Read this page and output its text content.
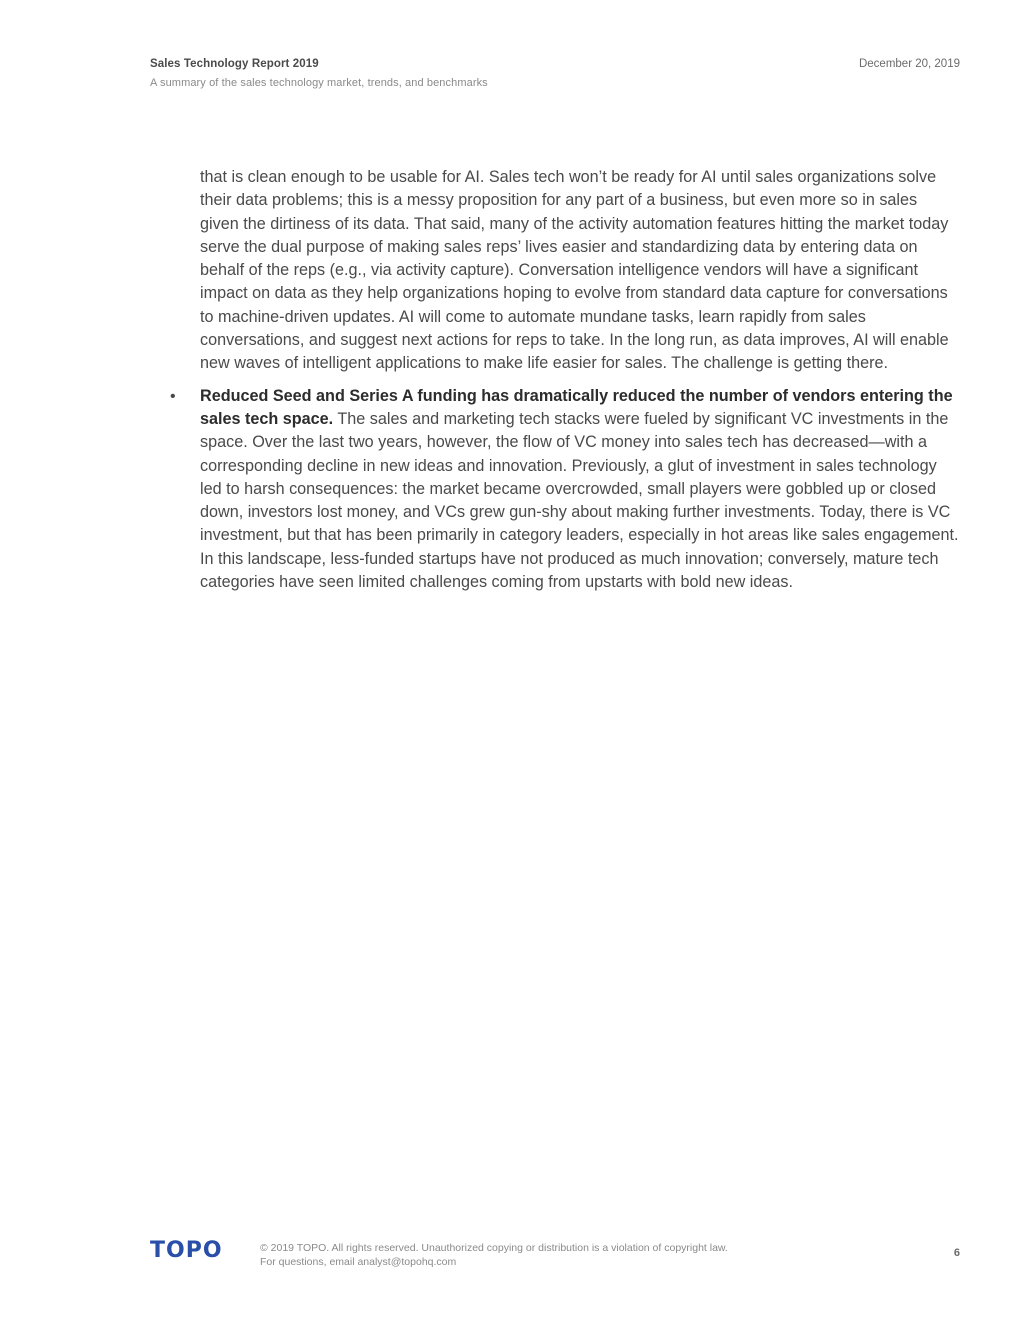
Sales Technology Report 2019	December 20, 2019
A summary of the sales technology market, trends, and benchmarks

that is clean enough to be usable for AI. Sales tech won’t be ready for AI until sales organizations solve their data problems; this is a messy proposition for any part of a business, but even more so in sales given the dirtiness of its data. That said, many of the activity automation features hitting the market today serve the dual purpose of making sales reps’ lives easier and standardizing data by entering data on behalf of the reps (e.g., via activity capture). Conversation intelligence vendors will have a significant impact on data as they help organizations hoping to evolve from standard data capture for conversations to machine-driven updates. AI will come to automate mundane tasks, learn rapidly from sales conversations, and suggest next actions for reps to take. In the long run, as data improves, AI will enable new waves of intelligent applications to make life easier for sales. The challenge is getting there.

• Reduced Seed and Series A funding has dramatically reduced the number of vendors entering the sales tech space. The sales and marketing tech stacks were fueled by significant VC investments in the space. Over the last two years, however, the flow of VC money into sales tech has decreased—with a corresponding decline in new ideas and innovation. Previously, a glut of investment in sales technology led to harsh consequences: the market became overcrowded, small players were gobbled up or closed down, investors lost money, and VCs grew gun-shy about making further investments. Today, there is VC investment, but that has been primarily in category leaders, especially in hot areas like sales engagement. In this landscape, less-funded startups have not produced as much innovation; conversely, mature tech categories have seen limited challenges coming from upstarts with bold new ideas.

TOPO	© 2019 TOPO. All rights reserved. Unauthorized copying or distribution is a violation of copyright law.
For questions, email analyst@topohq.com
6
